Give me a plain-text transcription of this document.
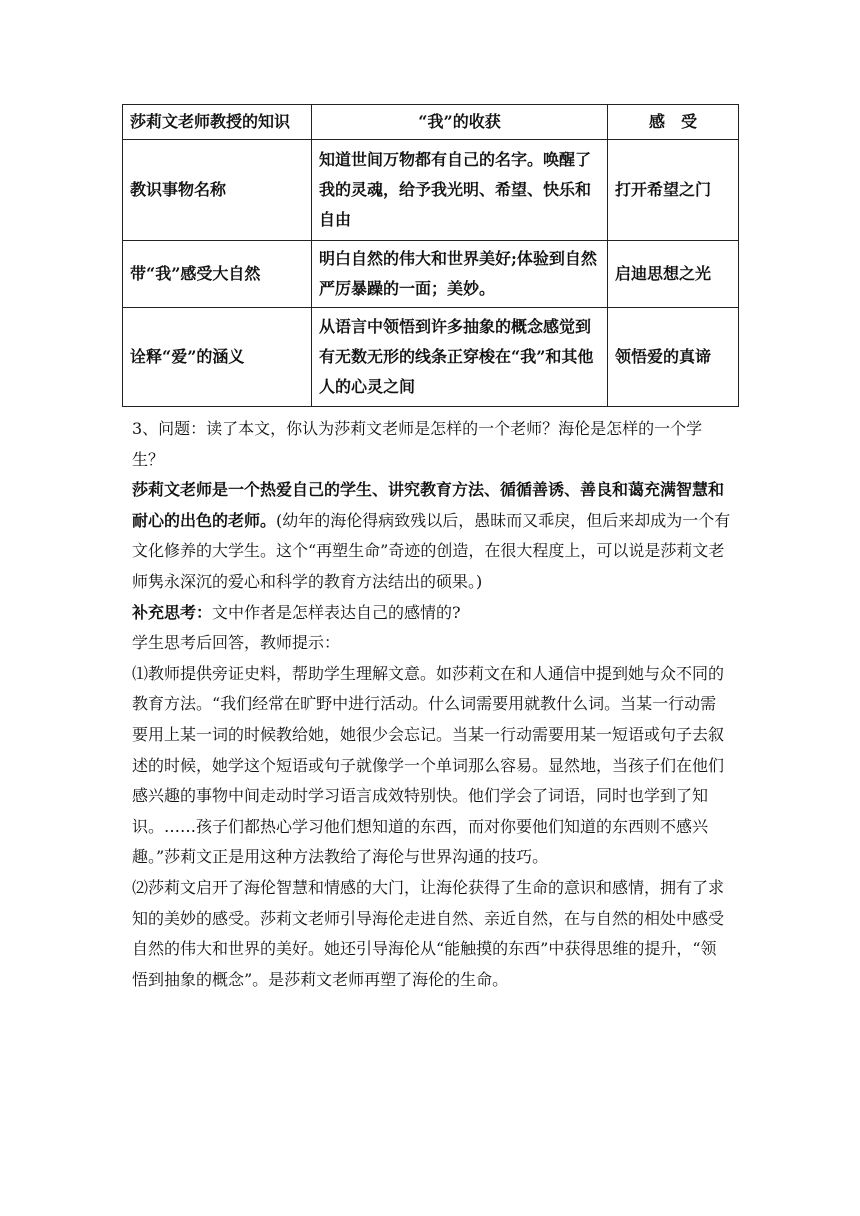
莎莉文老师教授的知识	“我”的收获	感　受
教识事物名称	知道世间万物都有自己的名字。唤醒了我的灵魂，给予我光明、希望、快乐和自由	打开希望之门
带“我”感受大自然	明白自然的伟大和世界美好;体验到自然严厉暴躁的一面；美妙。	启迪思想之光
诠释“爱”的涵义	从语言中领悟到许多抽象的概念感觉到有无数无形的线条正穿梭在“我”和其他人的心灵之间	领悟爱的真谛

3、问题：读了本文，你认为莎莉文老师是怎样的一个老师？海伦是怎样的一个学生？

莎莉文老师是一个热爱自己的学生、讲究教育方法、循循善诱、善良和蔼充满智慧和耐心的出色的老师。(幼年的海伦得病致残以后，愚昧而又乖戾，但后来却成为一个有文化修养的大学生。这个“再塑生命”奇迹的创造，在很大程度上，可以说是莎莉文老师隽永深沉的爱心和科学的教育方法结出的硕果。)

补充思考：文中作者是怎样表达自己的感情的?

学生思考后回答，教师提示：

⑴教师提供旁证史料，帮助学生理解文意。如莎莉文在和人通信中提到她与众不同的教育方法。“我们经常在旷野中进行活动。什么词需要用就教什么词。当某一行动需要用上某一词的时候教给她，她很少会忘记。当某一行动需要用某一短语或句子去叙述的时候，她学这个短语或句子就像学一个单词那么容易。显然地，当孩子们在他们感兴趣的事物中间走动时学习语言成效特别快。他们学会了词语，同时也学到了知识。……孩子们都热心学习他们想知道的东西，而对你要他们知道的东西则不感兴趣。”莎莉文正是用这种方法教给了海伦与世界沟通的技巧。

⑵莎莉文启开了海伦智慧和情感的大门，让海伦获得了生命的意识和感情，拥有了求知的美妙的感受。莎莉文老师引导海伦走进自然、亲近自然，在与自然的相处中感受自然的伟大和世界的美好。她还引导海伦从“能触摸的东西”中获得思维的提升，“领悟到抽象的概念”。是莎莉文老师再塑了海伦的生命。
